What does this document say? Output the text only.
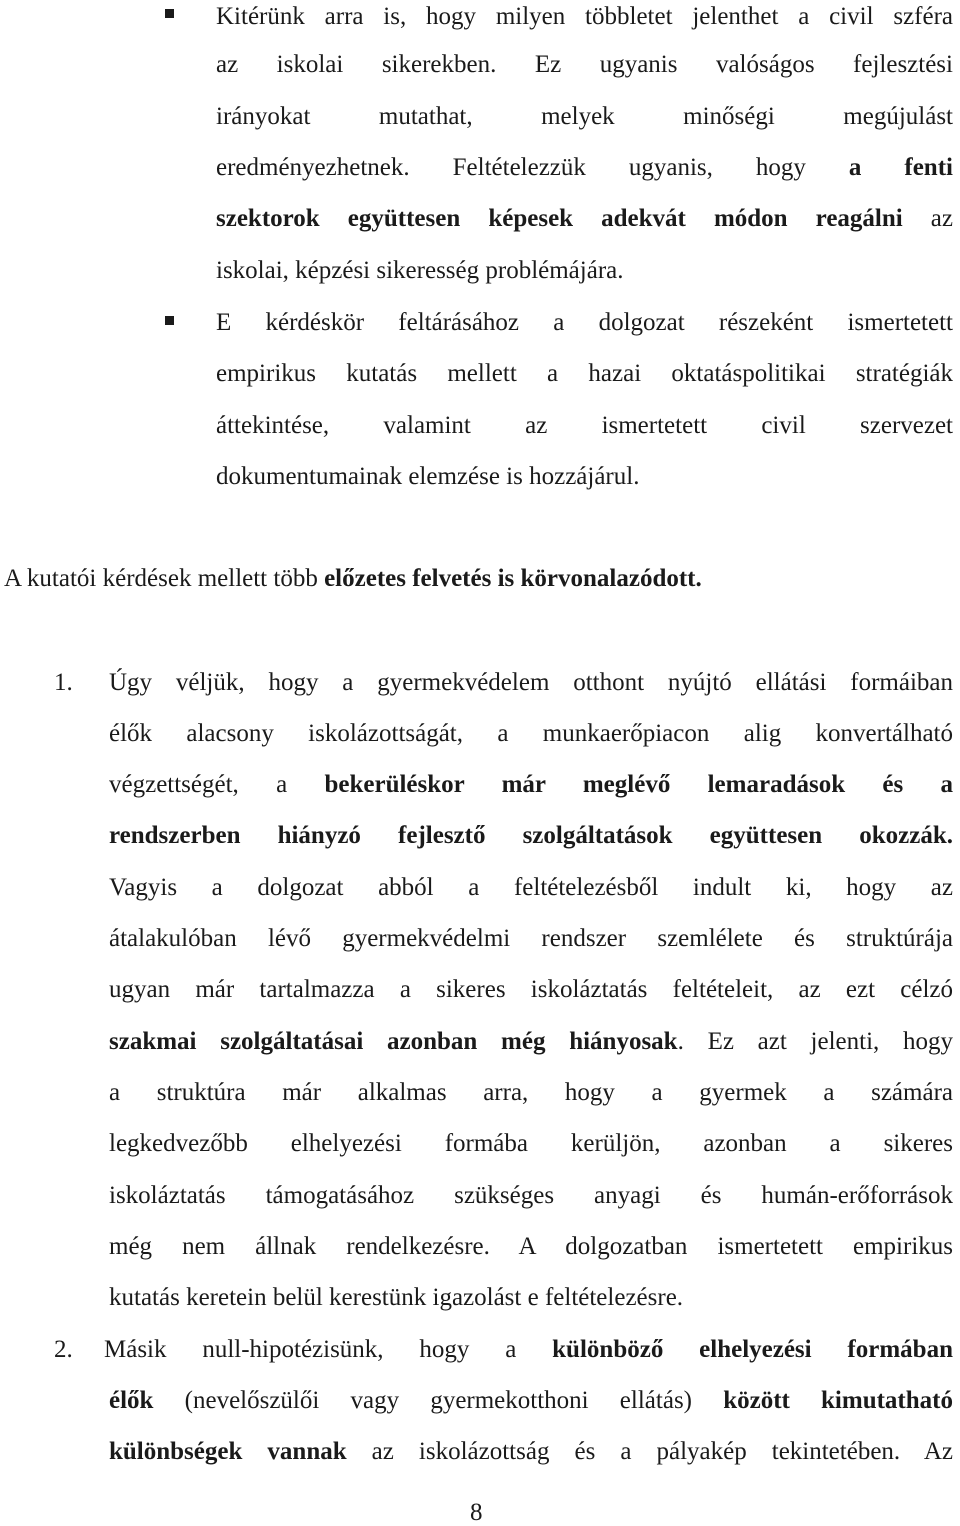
Kitérünk arra is, hogy milyen többletet jelenthet a civil szféra
az iskolai sikerekben. Ez ugyanis valóságos fejlesztési
irányokat mutathat, melyek minőségi megújulást
eredményezhetnek. Feltételezzük ugyanis, hogy a fenti
szektorok együttesen képesek adekvát módon reagálni az
iskolai, képzési sikeresség problémájára.
E kérdéskör feltárásához a dolgozat részeként ismertetett
empirikus kutatás mellett a hazai oktatáspolitikai stratégiák
áttekintése, valamint az ismertetett civil szervezet
dokumentumainak elemzése is hozzájárul.
A kutatói kérdések mellett több előzetes felvetés is körvonalazódott.
1. Úgy véljük, hogy a gyermekvédelem otthont nyújtó ellátási formáiban
élők alacsony iskolázottságát, a munkaerőpiacon alig konvertálható
végzettségét, a bekerüléskor már meglévő lemaradások és a
rendszerben hiányzó fejlesztő szolgáltatások együttesen okozzák.
Vagyis a dolgozat abból a feltételezésből indult ki, hogy az
átalakulóban lévő gyermekvédelmi rendszer szemlélete és struktúrája
ugyan már tartalmazza a sikeres iskoláztatás feltételeit, az ezt célzó
szakmai szolgáltatásai azonban még hiányosak. Ez azt jelenti, hogy
a struktúra már alkalmas arra, hogy a gyermek a számára
legkedvezőbb elhelyezési formába kerüljön, azonban a sikeres
iskoláztatás támogatásához szükséges anyagi és humán-erőforrások
még nem állnak rendelkezésre. A dolgozatban ismertetett empirikus
kutatás keretein belül kerestünk igazolást e feltételezésre.
2. Másik null-hipotézisünk, hogy a különböző elhelyezési formában
élők (nevelőszülői vagy gyermekotthoni ellátás) között kimutatható
különbségek vannak az iskolázottság és a pályakép tekintetében. Az
8
